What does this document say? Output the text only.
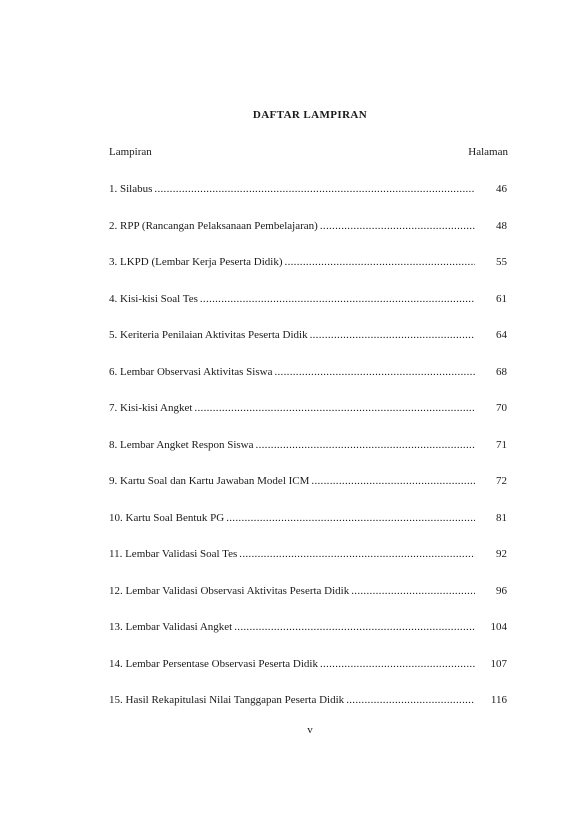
DAFTAR LAMPIRAN
Lampiran	Halaman
1. Silabus .....	46
2. RPP (Rancangan Pelaksanaan Pembelajaran) .....	48
3. LKPD (Lembar Kerja Peserta Didik) .....	55
4. Kisi-kisi Soal Tes .....	61
5. Keriteria Penilaian Aktivitas Peserta Didik .....	64
6. Lembar Observasi Aktivitas Siswa .....	68
7. Kisi-kisi Angket .....	70
8. Lembar Angket Respon Siswa .....	71
9. Kartu Soal dan Kartu Jawaban Model ICM .....	72
10. Kartu Soal Bentuk PG .....	81
11. Lembar Validasi Soal Tes .....	92
12. Lembar Validasi Observasi Aktivitas Peserta Didik .....	96
13. Lembar Validasi Angket .....	104
14. Lembar Persentase Observasi Peserta Didik .....	107
15. Hasil Rekapitulasi Nilai Tanggapan Peserta Didik .....	116
v
